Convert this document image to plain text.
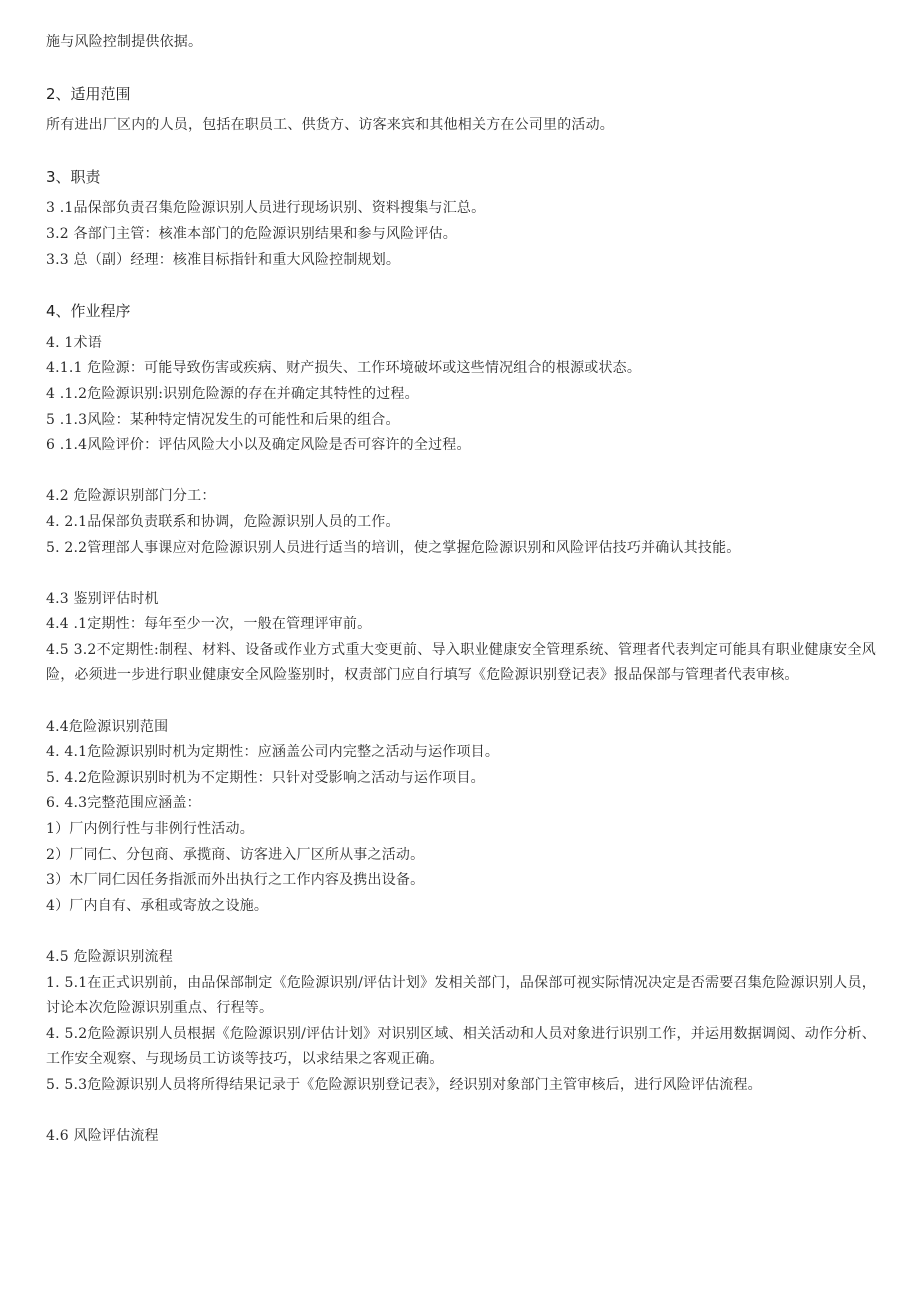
施与风险控制提供依据。
2、适用范围
所有进出厂区内的人员，包括在职员工、供货方、访客来宾和其他相关方在公司里的活动。
3、职责
3 .1品保部负责召集危险源识别人员进行现场识别、资料搜集与汇总。
3.2 各部门主管：核准本部门的危险源识别结果和参与风险评估。
3.3 总（副）经理：核准目标指针和重大风险控制规划。
4、作业程序
4. 1术语
4.1.1 危险源：可能导致伤害或疾病、财产损失、工作环境破坏或这些情况组合的根源或状态。
4 .1.2危险源识别:识别危险源的存在并确定其特性的过程。
5 .1.3风险：某种特定情况发生的可能性和后果的组合。
6 .1.4风险评价：评估风险大小以及确定风险是否可容许的全过程。
4.2 危险源识别部门分工：
4. 2.1品保部负责联系和协调，危险源识别人员的工作。
5. 2.2管理部人事课应对危险源识别人员进行适当的培训，使之掌握危险源识别和风险评估技巧并确认其技能。
4.3 鉴别评估时机
4.4 .1定期性：每年至少一次，一般在管理评审前。
4.5 3.2不定期性:制程、材料、设备或作业方式重大变更前、导入职业健康安全管理系统、管理者代表判定可能具有职业健康安全风险，必须进一步进行职业健康安全风险鉴别时，权责部门应自行填写《危险源识别登记表》报品保部与管理者代表审核。
4.4危险源识别范围
4. 4.1危险源识别时机为定期性：应涵盖公司内完整之活动与运作项目。
5. 4.2危险源识别时机为不定期性：只针对受影响之活动与运作项目。
6. 4.3完整范围应涵盖：
1）厂内例行性与非例行性活动。
2）厂同仁、分包商、承揽商、访客进入厂区所从事之活动。
3）木厂同仁因任务指派而外出执行之工作内容及携出设备。
4）厂内自有、承租或寄放之设施。
4.5 危险源识别流程
1. 5.1在正式识别前，由品保部制定《危险源识别/评估计划》发相关部门，品保部可视实际情况决定是否需要召集危险源识别人员，讨论本次危险源识别重点、行程等。
4. 5.2危险源识别人员根据《危险源识别/评估计划》对识别区域、相关活动和人员对象进行识别工作，并运用数据调阅、动作分析、工作安全观察、与现场员工访谈等技巧，以求结果之客观正确。
5. 5.3危险源识别人员将所得结果记录于《危险源识别登记表》，经识别对象部门主管审核后，进行风险评估流程。
4.6 风险评估流程
